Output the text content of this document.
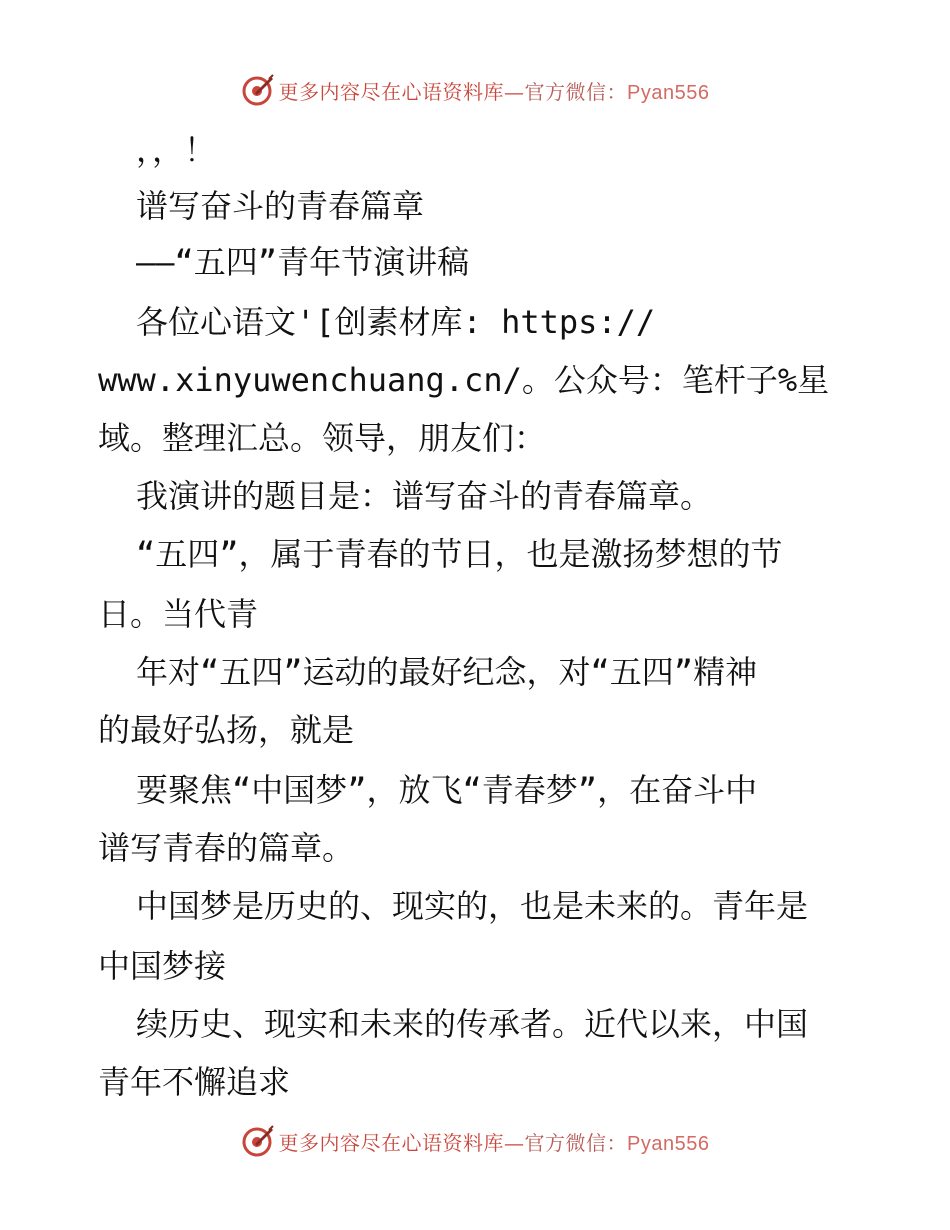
更多内容尽在心语资料库—官方微信：Pyan556
，，！
谱写奋斗的青春篇章
——“五四”青年节演讲稿
各位心语文'[创素材库: https://
www.xinyuwenchuang.cn/。公众号：笔杆子%星
域。整理汇总。领导，朋友们：
我演讲的题目是：谱写奋斗的青春篇章。
“五四”，属于青春的节日，也是激扬梦想的节
日。当代青
年对“五四”运动的最好纪念，对“五四”精神
的最好弘扬，就是
要聚焦“中国梦”，放飞“青春梦”，在奋斗中
谱写青春的篇章。
中国梦是历史的、现实的，也是未来的。青年是
中国梦接
续历史、现实和未来的传承者。近代以来，中国
青年不懈追求
更多内容尽在心语资料库—官方微信：Pyan556
